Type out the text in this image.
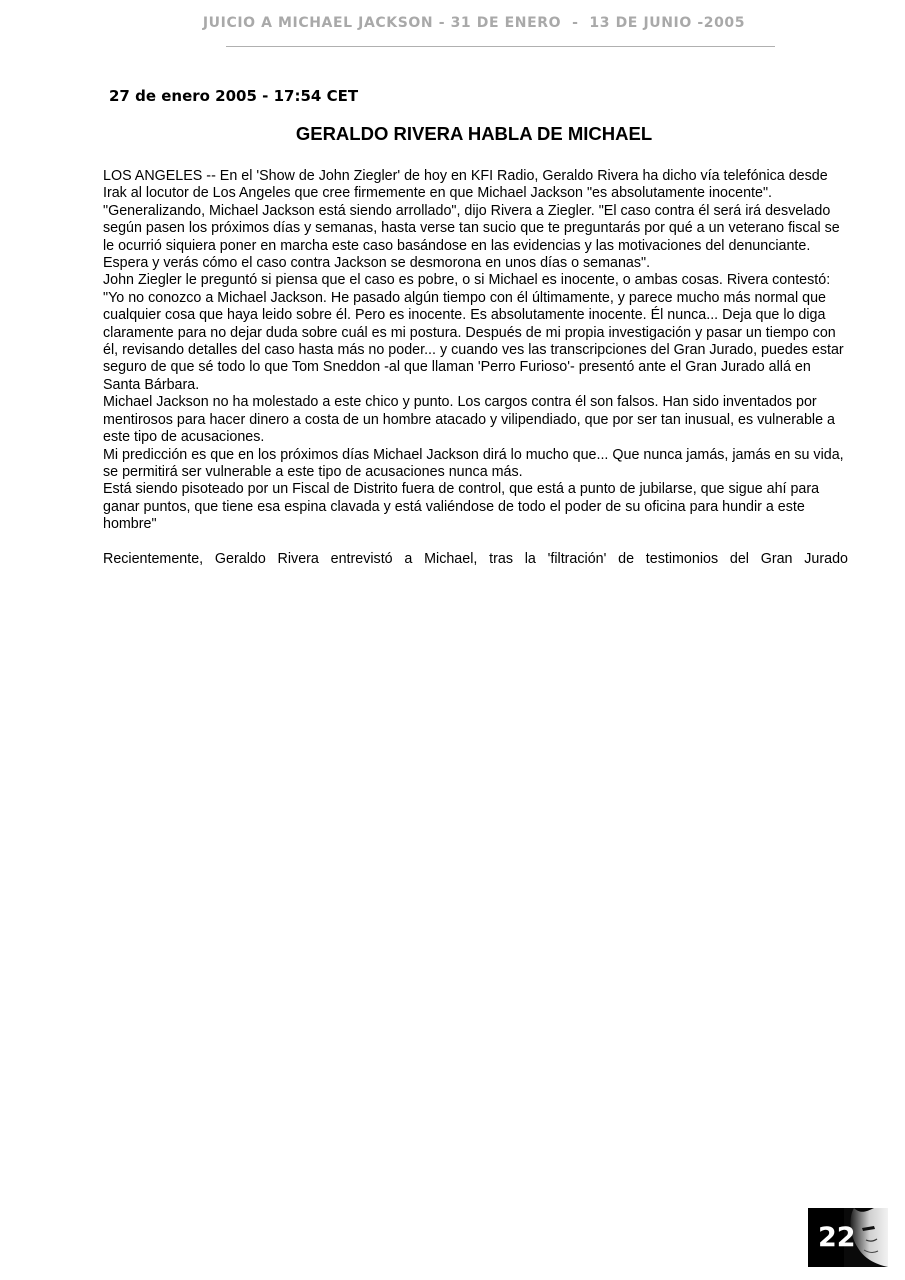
JUICIO A MICHAEL JACKSON - 31 DE ENERO  -  13 DE JUNIO -2005
27 de enero 2005 - 17:54 CET
GERALDO RIVERA HABLA DE MICHAEL

LOS ANGELES -- En el 'Show de John Ziegler' de hoy en KFI Radio, Geraldo Rivera ha dicho vía telefónica desde Irak al locutor de Los Angeles que cree firmemente en que Michael Jackson "es absolutamente inocente".

"Generalizando, Michael Jackson está siendo arrollado", dijo Rivera a Ziegler. "El caso contra él será irá desvelado según pasen los próximos días y semanas, hasta verse tan sucio que te preguntarás por qué a un veterano fiscal se le ocurrió siquiera poner en marcha este caso basándose en las evidencias y las motivaciones del denunciante. Espera y verás cómo el caso contra Jackson se desmorona en unos días o semanas".

John Ziegler le preguntó si piensa que el caso es pobre, o si Michael es inocente, o ambas cosas. Rivera contestó: "Yo no conozco a Michael Jackson. He pasado algún tiempo con él últimamente, y parece mucho más normal que cualquier cosa que haya leido sobre él. Pero es inocente. Es absolutamente inocente. Él nunca... Deja que lo diga claramente para no dejar duda sobre cuál es mi postura. Después de mi propia investigación y pasar un tiempo con él, revisando detalles del caso hasta más no poder... y cuando ves las transcripciones del Gran Jurado, puedes estar seguro de que sé todo lo que Tom Sneddon -al que llaman 'Perro Furioso'- presentó ante el Gran Jurado allá en Santa Bárbara.

Michael Jackson no ha molestado a este chico y punto. Los cargos contra él son falsos. Han sido inventados por mentirosos para hacer dinero a costa de un hombre atacado y vilipendiado, que por ser tan inusual, es vulnerable a este tipo de acusaciones.

Mi predicción es que en los próximos días Michael Jackson dirá lo mucho que... Que nunca jamás, jamás en su vida, se permitirá ser vulnerable a este tipo de acusaciones nunca más.

Está siendo pisoteado por un Fiscal de Distrito fuera de control, que está a punto de jubilarse, que sigue ahí para ganar puntos, que tiene esa espina clavada y está valiéndose de todo el poder de su oficina para hundir a este hombre"

Recientemente, Geraldo Rivera entrevistó a Michael, tras la 'filtración' de testimonios del Gran Jurado

22
